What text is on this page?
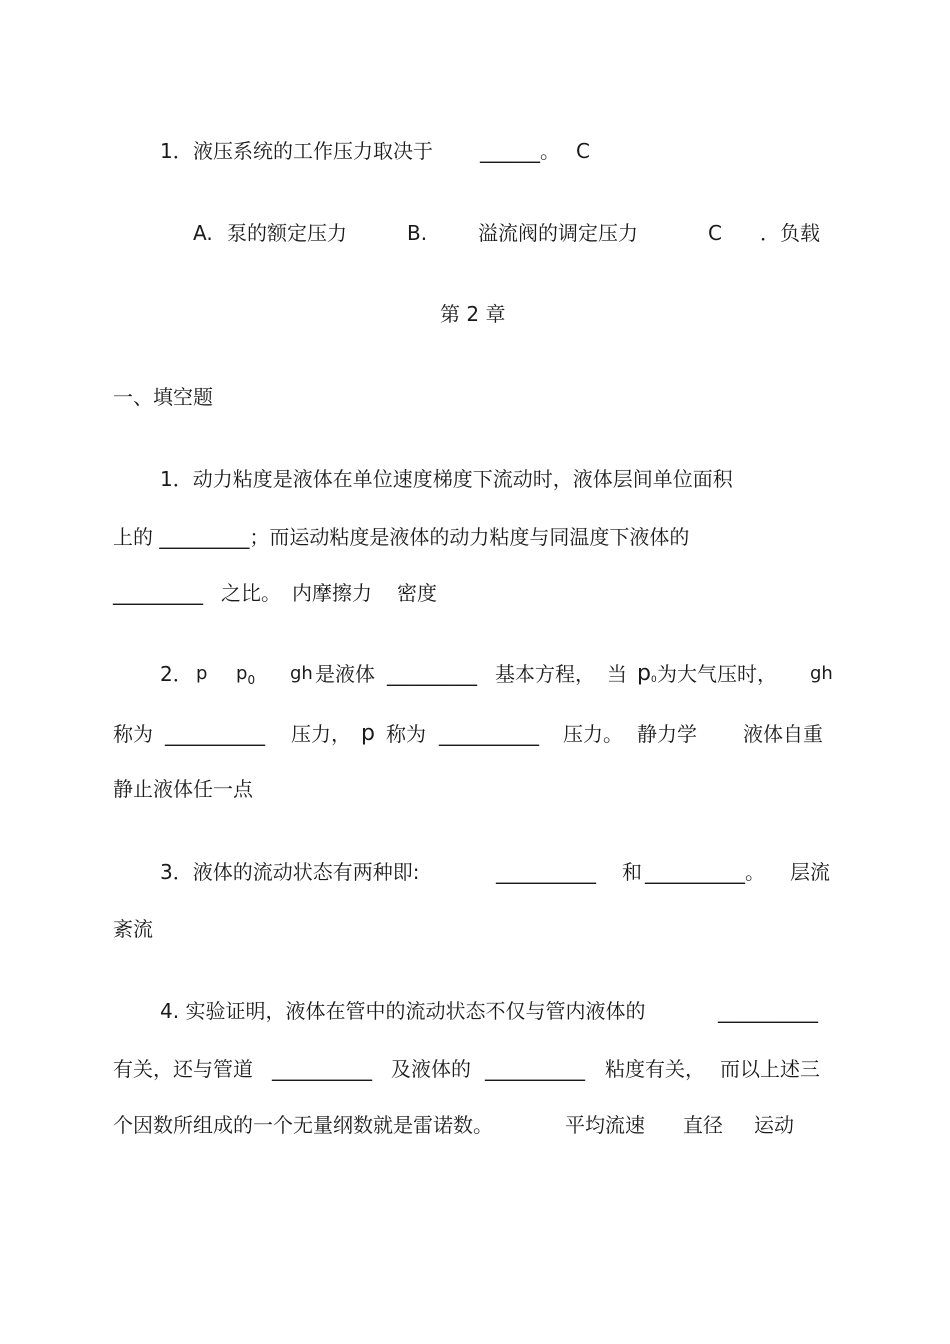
1． 液压系统的工作压力取决于 ______。 C
A. 泵的额定压力	B.	溢流阀的调定压力	C ．负载
第 2 章
一、填空题
1．动力粘度是液体在单位速度梯度下流动时，液体层间单位面积
上的 _________；而运动粘度是液体的动力粘度与同温度下液体的
_________ 之比。 内摩擦力 密度
2． p $p_0$ gh 是液体 _________ 基本方程， 当 p0 为大气压时， gh
称为 __________ 压力， p 称为 __________ 压力。 静力学 液体自重
静止液体任一点
3．液体的流动状态有两种即:	__________ 和 __________。 层流
紊流
4. 实验证明，液体在管中的流动状态不仅与管内液体的	__________
有关，还与管道 __________ 及液体的 __________ 粘度有关， 而以上述三
个因数所组成的一个无量纲数就是雷诺数。	平均流速 直径 运动
